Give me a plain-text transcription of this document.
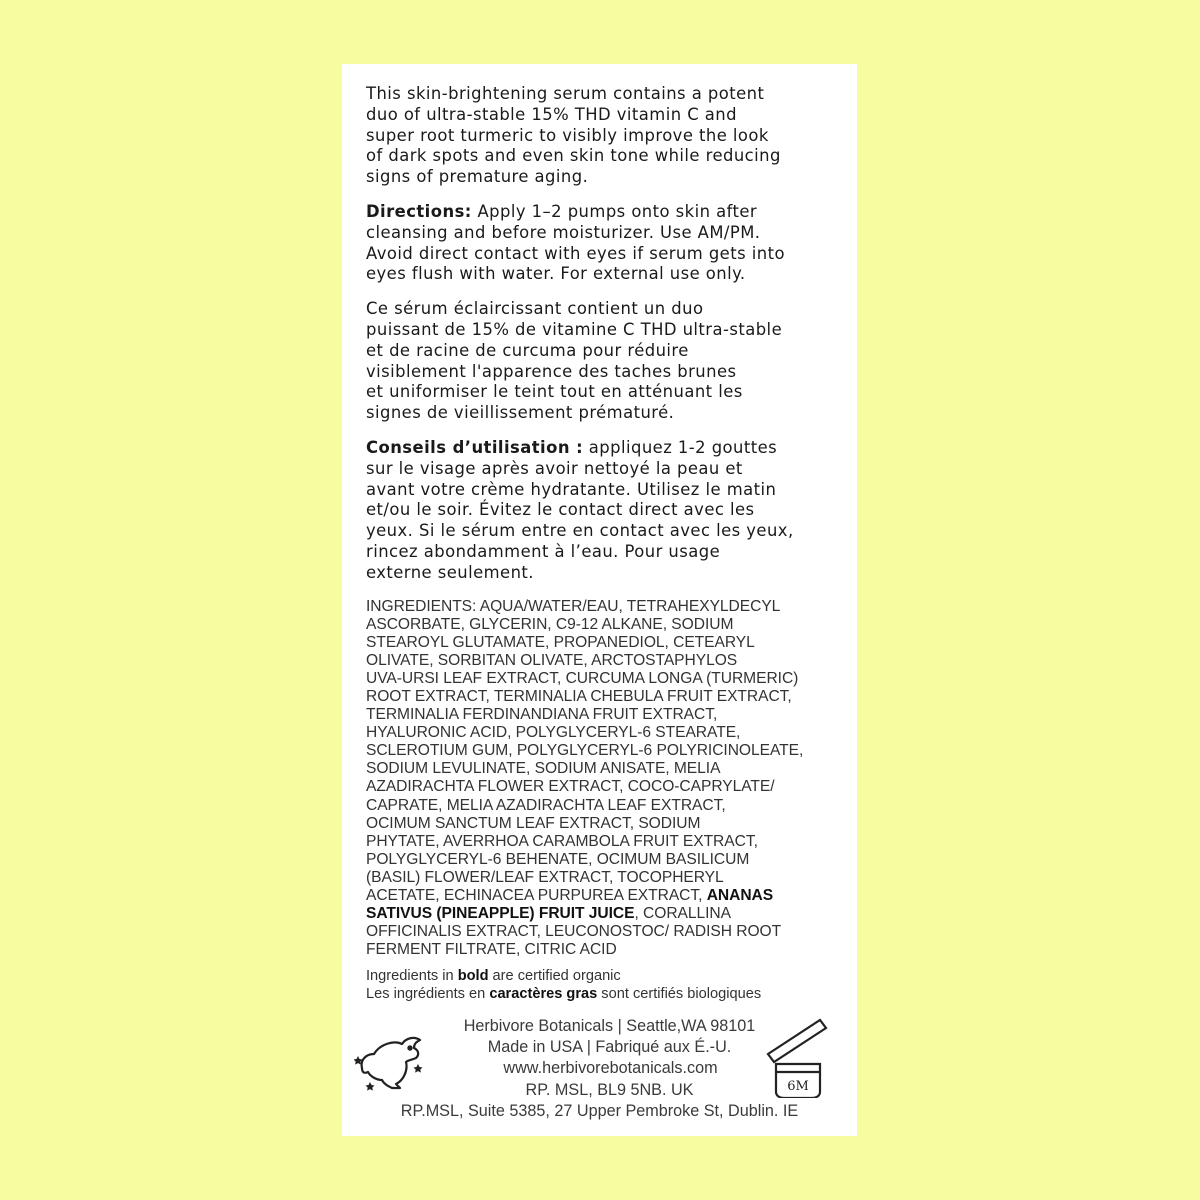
This skin-brightening serum contains a potent
duo of ultra-stable 15% THD vitamin C and
super root turmeric to visibly improve the look
of dark spots and even skin tone while reducing
signs of premature aging.

Directions: Apply 1–2 pumps onto skin after
cleansing and before moisturizer. Use AM/PM.
Avoid direct contact with eyes if serum gets into
eyes flush with water. For external use only.

Ce sérum éclaircissant contient un duo
puissant de 15% de vitamine C THD ultra-stable
et de racine de curcuma pour réduire
visiblement l'apparence des taches brunes
et uniformiser le teint tout en atténuant les
signes de vieillissement prématuré.

Conseils d’utilisation : appliquez 1-2 gouttes
sur le visage après avoir nettoyé la peau et
avant votre crème hydratante. Utilisez le matin
et/ou le soir. Évitez le contact direct avec les
yeux. Si le sérum entre en contact avec les yeux,
rincez abondamment à l’eau. Pour usage
externe seulement.

INGREDIENTS: AQUA/WATER/EAU, TETRAHEXYLDECYL
ASCORBATE, GLYCERIN, C9-12 ALKANE, SODIUM
STEAROYL GLUTAMATE, PROPANEDIOL, CETEARYL
OLIVATE, SORBITAN OLIVATE, ARCTOSTAPHYLOS
UVA-URSI LEAF EXTRACT, CURCUMA LONGA (TURMERIC)
ROOT EXTRACT, TERMINALIA CHEBULA FRUIT EXTRACT,
TERMINALIA FERDINANDIANA FRUIT EXTRACT,
HYALURONIC ACID, POLYGLYCERYL-6 STEARATE,
SCLEROTIUM GUM, POLYGLYCERYL-6 POLYRICINOLEATE,
SODIUM LEVULINATE, SODIUM ANISATE, MELIA
AZADIRACHTA FLOWER EXTRACT, COCO-CAPRYLATE/
CAPRATE, MELIA AZADIRACHTA LEAF EXTRACT,
OCIMUM SANCTUM LEAF EXTRACT, SODIUM
PHYTATE, AVERRHOA CARAMBOLA FRUIT EXTRACT,
POLYGLYCERYL-6 BEHENATE, OCIMUM BASILICUM
(BASIL) FLOWER/LEAF EXTRACT, TOCOPHERYL
ACETATE, ECHINACEA PURPUREA EXTRACT, ANANAS
SATIVUS (PINEAPPLE) FRUIT JUICE, CORALLINA
OFFICINALIS EXTRACT, LEUCONOSTOC/ RADISH ROOT
FERMENT FILTRATE, CITRIC ACID

Ingredients in bold are certified organic
Les ingrédients en caractères gras sont certifiés biologiques
Herbivore Botanicals | Seattle,WA 98101
Made in USA | Fabriqué aux É.-U.
www.herbivorebotanicals.com
RP. MSL, BL9 5NB. UK
RP.MSL, Suite 5385, 27 Upper Pembroke St, Dublin. IE
6M
